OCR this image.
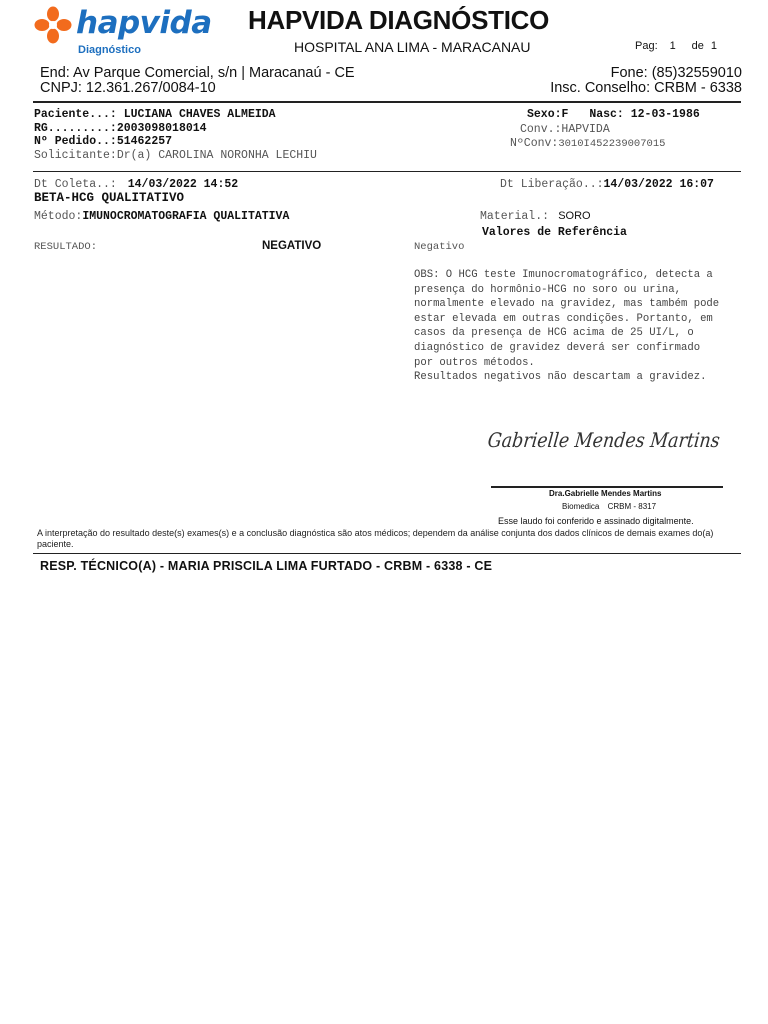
hapvida
Diagnóstico
HAPVIDA DIAGNÓSTICO
HOSPITAL ANA LIMA - MARACANAU	Pag: 1 de 1
End: Av Parque Comercial, s/n | Maracanaú - CE
CNPJ: 12.361.267/0084-10
Fone: (85)32559010
Insc. Conselho: CRBM - 6338
Paciente...: LUCIANA CHAVES ALMEIDA	Sexo:F Nasc: 12-03-1986
RG.........:2003098018014	Conv.:HAPVIDA
Nº Pedido..:51462257	NºConv:3010I452239007015
Solicitante:Dr(a) CAROLINA NORONHA LECHIU
Dt Coleta..: 14/03/2022 14:52	Dt Liberação..:14/03/2022 16:07
BETA-HCG QUALITATIVO
Método:IMUNOCROMATOGRAFIA QUALITATIVA	Material.: SORO
Valores de Referência
RESULTADO:	NEGATIVO	Negativo
OBS: O HCG teste Imunocromatográfico, detecta a
presença do hormônio-HCG no soro ou urina,
normalmente elevado na gravidez, mas também pode
estar elevada em outras condições. Portanto, em
casos da presença de HCG acima de 25 UI/L, o
diagnóstico de gravidez deverá ser confirmado
por outros métodos.
Resultados negativos não descartam a gravidez.
Gabrielle Mendes Martins
Dra.Gabrielle Mendes Martins
Biomedica CRBM - 8317
Esse laudo foi conferido e assinado digitalmente.
A interpretação do resultado deste(s) exames(s) e a conclusão diagnóstica são atos médicos; dependem da análise conjunta dos dados clínicos de demais exames do(a) paciente.
RESP. TÉCNICO(A) - MARIA PRISCILA LIMA FURTADO - CRBM - 6338 - CE
